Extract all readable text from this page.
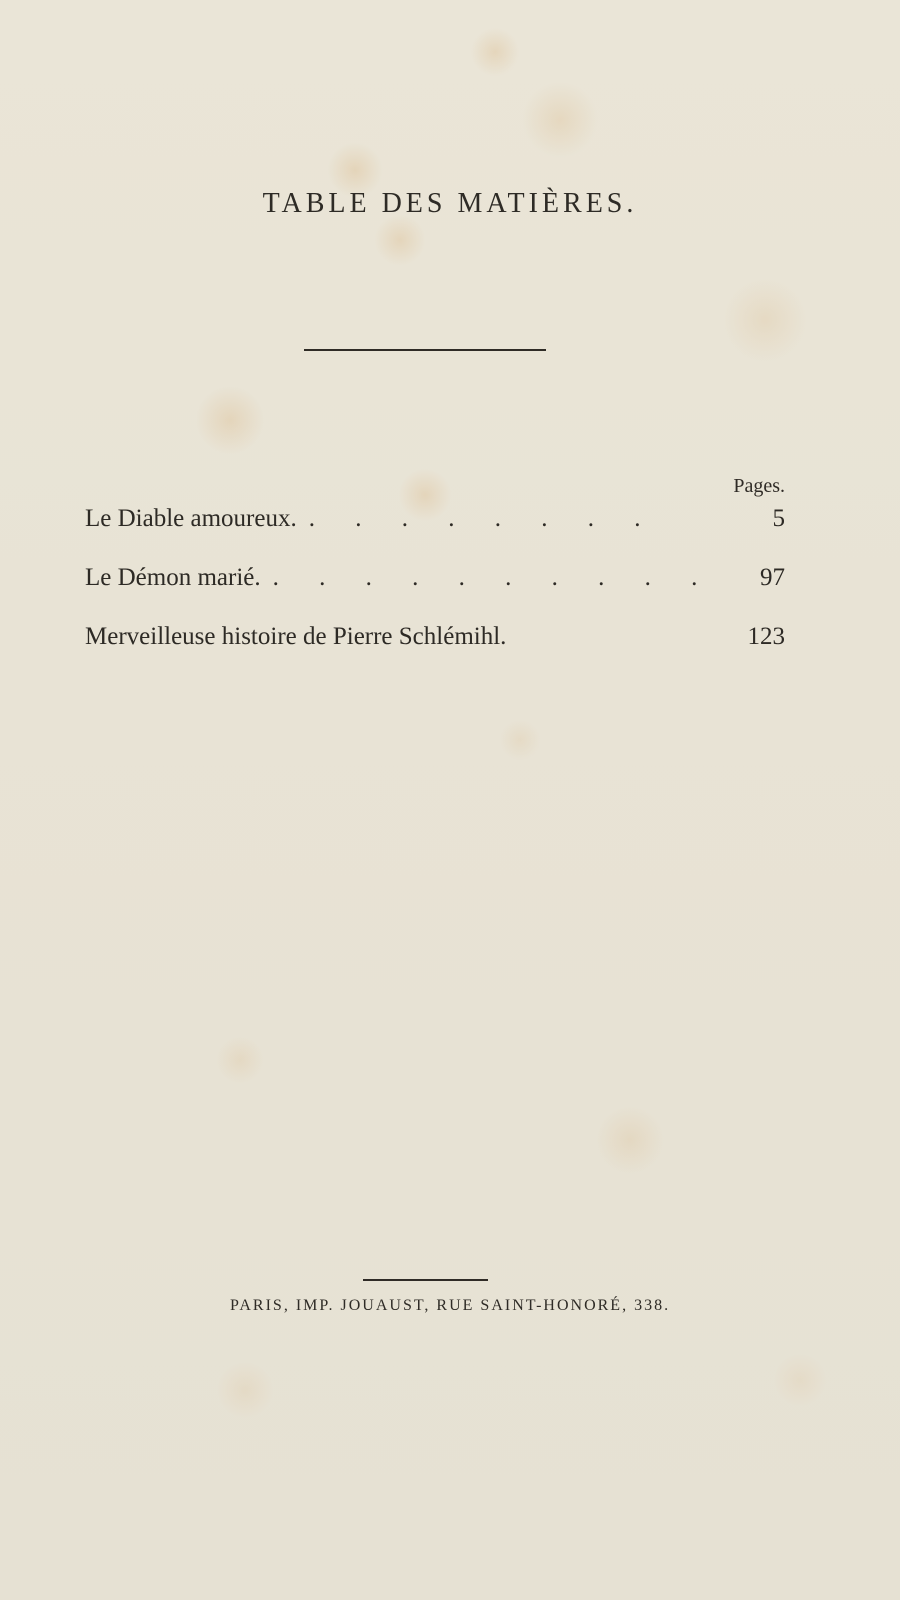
TABLE DES MATIÈRES.
Pages.
Le Diable amoureux. . . . . . . . .	5
Le Démon marié. . . . . . . . . . .	97
Merveilleuse histoire de Pierre Schlémihl.	123
PARIS, IMP. JOUAUST, RUE SAINT-HONORÉ, 338.
